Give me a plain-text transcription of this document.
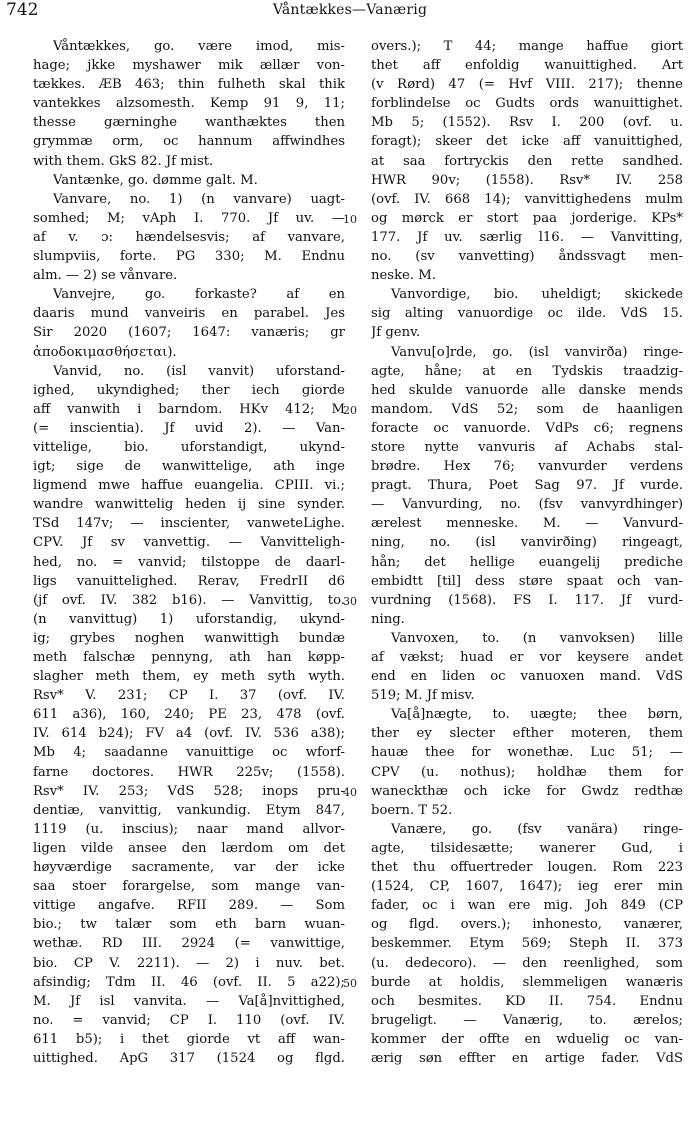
742	Våntækkes—Vanærig
Våntækkes, go. være imod, mis-
hage; jkke myshawer mik ællær von-
tækkes. ÆB 463; thin fulheth skal thik
vantekkes alzsomesth. Kemp 91 9, 11;
thesse gærninghe wanthæktes then
grymmæ orm, oc hannum affwindhes
with them. GkS 82. Jf mist.
Vantænke, go. dømme galt. M.
Vanvare, no. 1) (n vanvare) uagt-
somhed; M; vAph I. 770. Jf uv. —
af v. ɔ: hændelsesvis; af vanvare,
slumpviis, forte. PG 330; M. Endnu
alm. — 2) se vånvare.
Vanvejre, go. forkaste? af en
daaris mund vanveiris en parabel. Jes
Sir 2020 (1607; 1647: vanæris; gr
ἀποδοκιμασθήσεται).
Vanvid, no. (isl vanvit) uforstand-
ighed, ukyndighed; ther iech giorde
aff vanwith i barndom. HKv 412; M
(= inscientia). Jf uvid 2). — Van-
vittelige, bio. uforstandigt, ukynd-
igt; sige de wanwittelige, ath inge
ligmend mwe haffue euangelia. CPIII. vi.;
wandre wanwittelig heden ij sine synder.
TSd 147v; — inscienter, vanweteLighe.
CPV. Jf sv vanvettig. — Vanvitteligh-
hed, no. = vanvid; tilstoppe de daarl-
ligs vanuittelighed. Rerav, FredrII d6
(jf ovf. IV. 382 b16). — Vanvittig, to.
(n vanvittug) 1) uforstandig, ukynd-
ig; grybes noghen wanwittigh bundæ
meth falschæ pennyng, ath han køpp-
slagher meth them, ey meth syth wyth.
Rsv* V. 231; CP I. 37 (ovf. IV.
611 a36), 160, 240; PE 23, 478 (ovf.
IV. 614 b24); FV a4 (ovf. IV. 536 a38);
Mb 4; saadanne vanuittige oc wforf-
farne doctores. HWR 225v; (1558).
Rsv* IV. 253; VdS 528; inops pru-
dentiæ, vanvittig, vankundig. Etym 847,
1119 (u. inscius); naar mand allvor-
ligen vilde ansee den lærdom om det
høyværdige sacramente, var der icke
saa stoer forargelse, som mange van-
vittige angafve. RFII 289. — Som
bio.; tw talær som eth barn wuan-
wethæ. RD III. 2924 (= vanwittige,
bio. CP V. 2211). — 2) i nuv. bet.
afsindig; Tdm II. 46 (ovf. II. 5 a22);
M. Jf isl vanvita. — Va[å]nvittighed,
no. = vanvid; CP I. 110 (ovf. IV.
611 b5); i thet giorde vt aff wan-
uittighed. ApG 317 (1524 og flgd.
10
20
30
40
50
overs.); T 44; mange haffue giort
thet aff enfoldig wanuittighed. Art
(v Rørd) 47 (= Hvf VIII. 217); thenne
forblindelse oc Gudts ords wanuittighet.
Mb 5; (1552). Rsv I. 200 (ovf. u.
foragt); skeer det icke aff vanuittighed,
at saa fortryckis den rette sandhed.
HWR 90v; (1558). Rsv* IV. 258
(ovf. IV. 668 14); vanvittighedens mulm
og mørck er stort paa jorderige. KPs*
177. Jf uv. særlig l16. — Vanvitting,
no. (sv vanvetting) åndssvagt men-
neske. M.
Vanvordige, bio. uheldigt; skickede
sig alting vanuordige oc ilde. VdS 15.
Jf genv.
Vanvu[o]rde, go. (isl vanvirða) ringe-
agte, håne; at en Tydskis traadzig-
hed skulde vanuorde alle danske mends
mandom. VdS 52; som de haanligen
foracte oc vanuorde. VdPs c6; regnens
store nytte vanvuris af Achabs stal-
brødre. Hex 76; vanvurder verdens
pragt. Thura, Poet Sag 97. Jf vurde.
— Vanvurding, no. (fsv vanvyrdhinger)
ærelest menneske. M. — Vanvurd-
ning, no. (isl vanvirðing) ringeagt,
hån; det hellige euangelij prediche
embidtt [til] dess støre spaat och van-
vurdning (1568). FS I. 117. Jf vurd-
ning.
Vanvoxen, to. (n vanvoksen) lille
af vækst; huad er vor keysere andet
end en liden oc vanuoxen mand. VdS
519; M. Jf misv.
Va[å]nægte, to. uægte; thee børn,
ther ey slecter efther moteren, them
hauæ thee for wonethæ. Luc 51; —
CPV (u. nothus); holdhæ them for
waneckthæ och icke for Gwdz redthæ
boern. T 52.
Vanære, go. (fsv vanära) ringe-
agte, tilsidesætte; wanerer Gud, i
thet thu offuertreder lougen. Rom 223
(1524, CP, 1607, 1647); ieg erer min
fader, oc i wan ere mig. Joh 849 (CP
og flgd. overs.); inhonesto, vanærer,
beskemmer. Etym 569; Steph II. 373
(u. dedecoro). — den reenlighed, som
burde at holdis, slemmeligen wanæris
och besmites. KD II. 754. Endnu
brugeligt. — Vanærig, to. ærelos;
kommer der offte en wduelig oc van-
ærig søn effter en artige fader. VdS
